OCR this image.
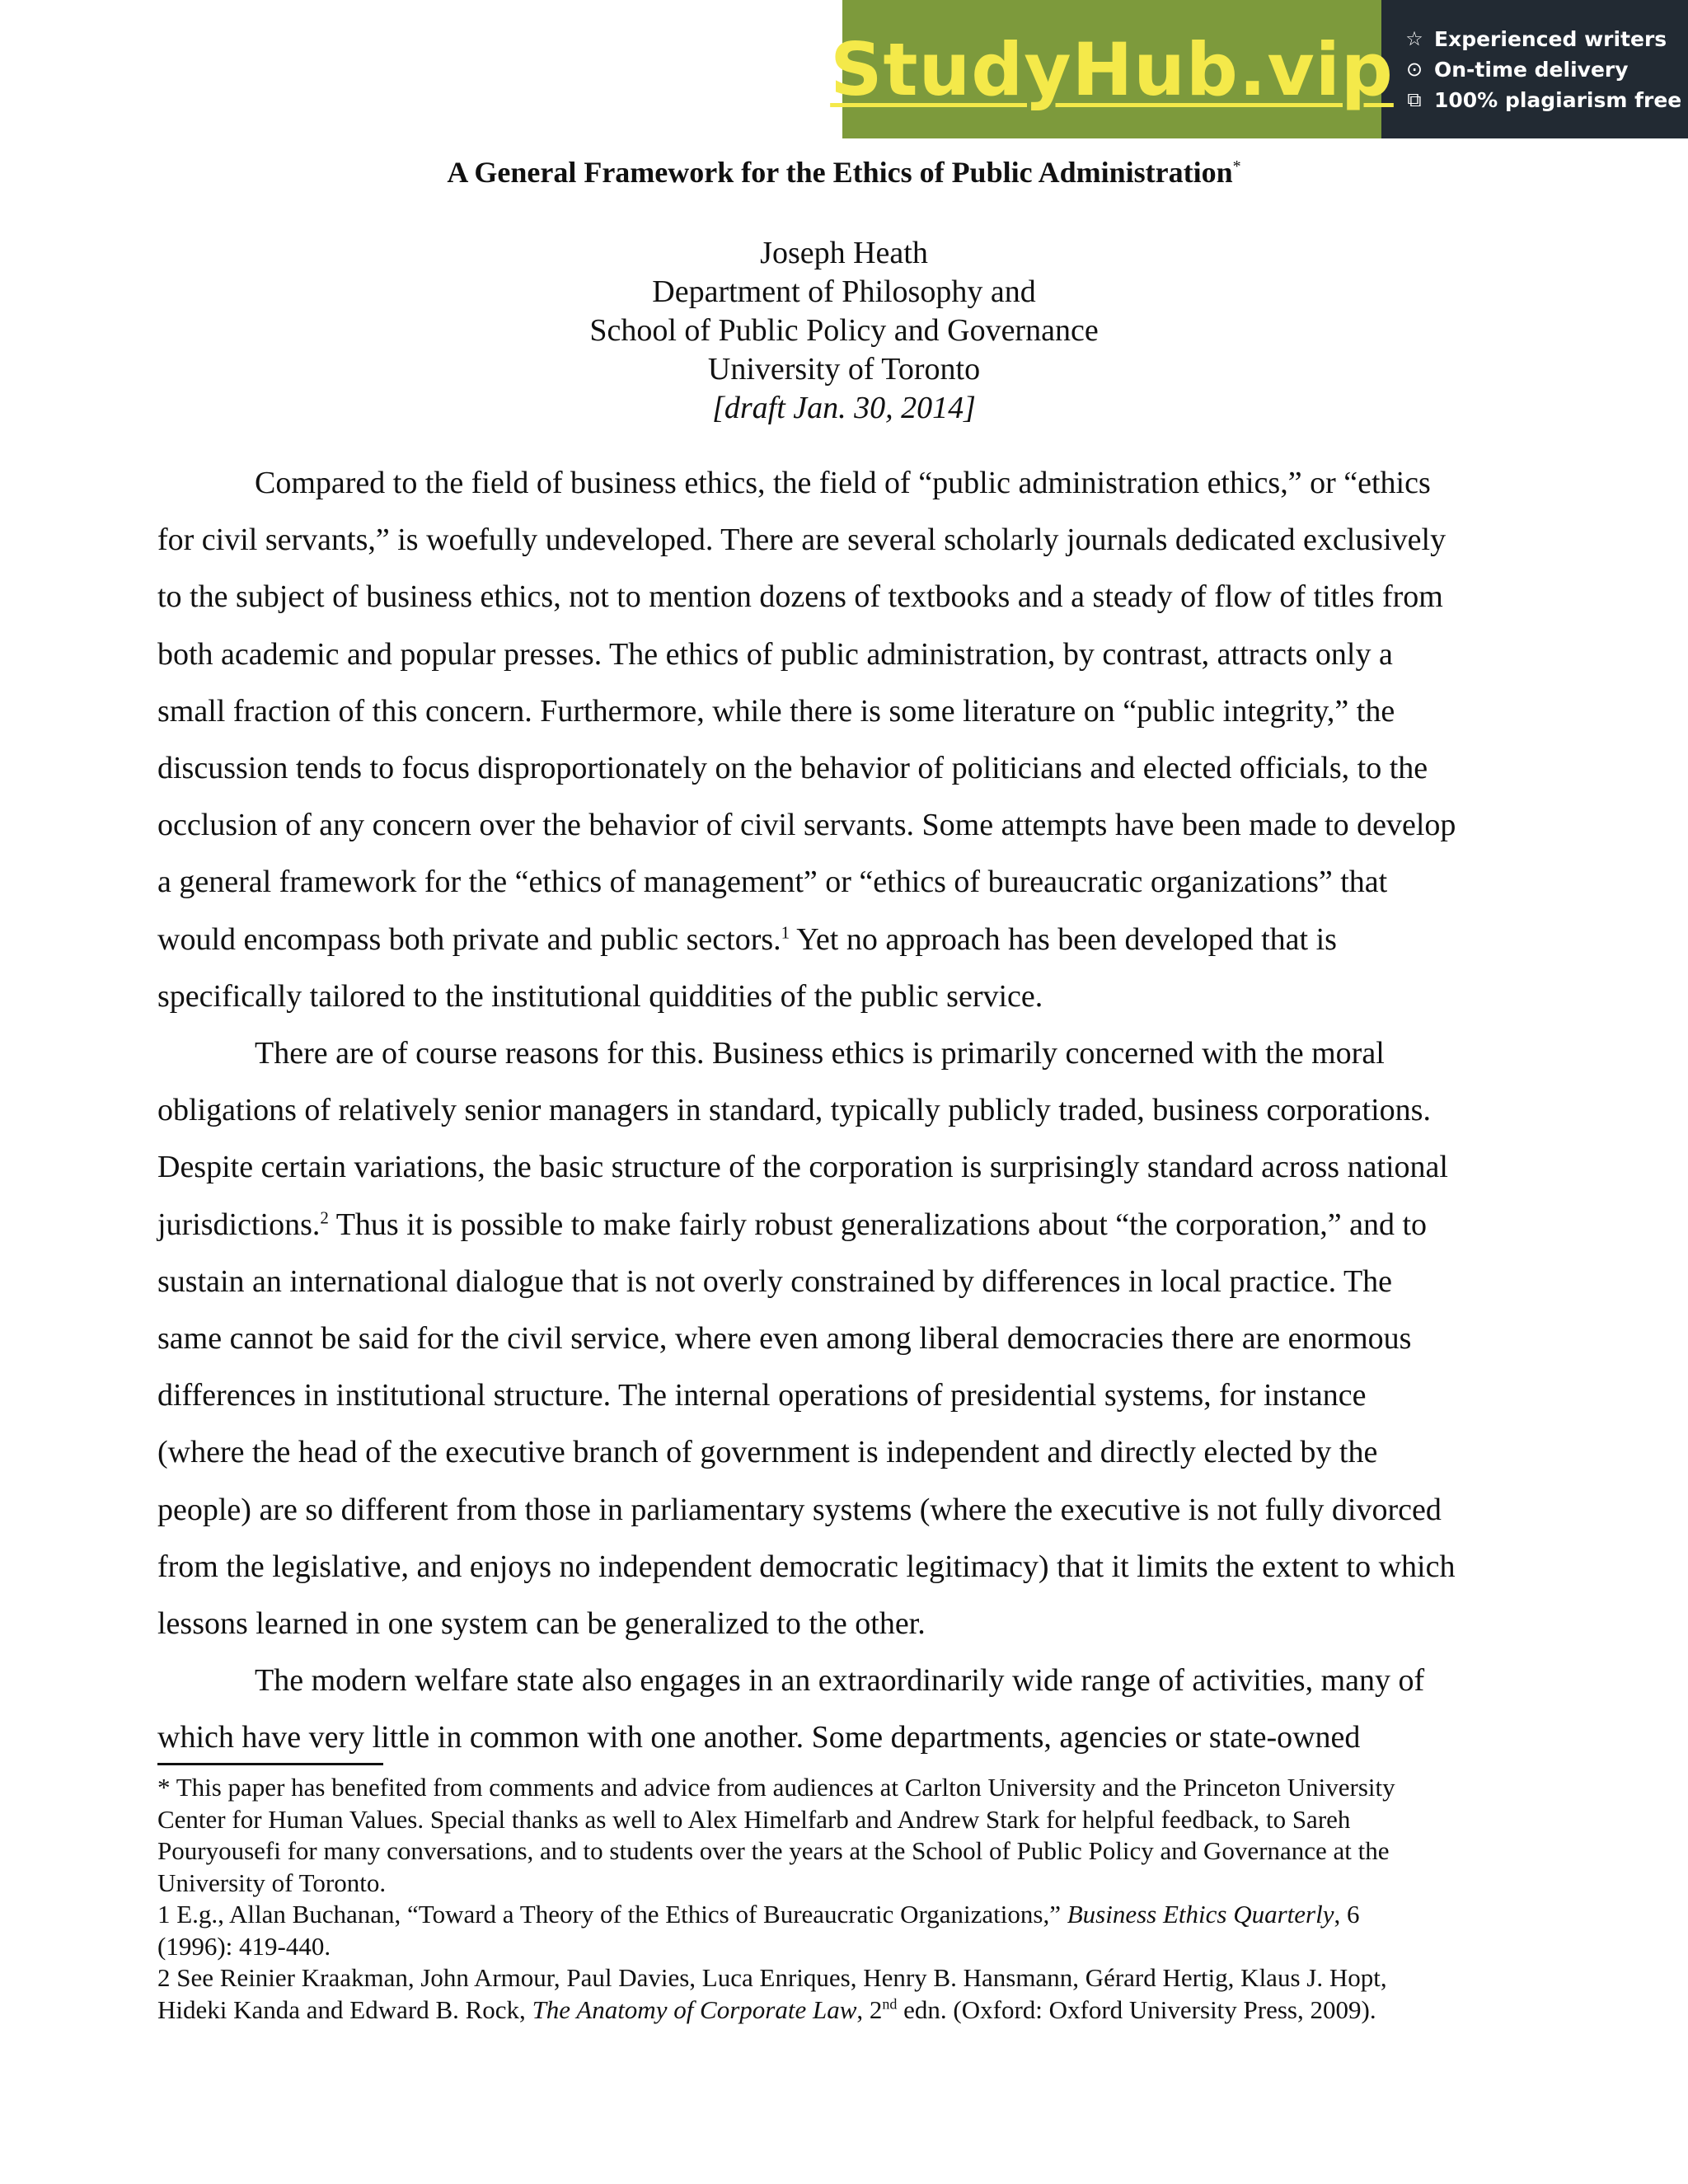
StudyHub.vip ☆ Experienced writers
⊙ On-time delivery
⧉ 100% plagiarism free
A General Framework for the Ethics of Public Administration*
Joseph Heath
Department of Philosophy and
School of Public Policy and Governance
University of Toronto
[draft Jan. 30, 2014]

Compared to the field of business ethics, the field of “public administration ethics,” or “ethics

for civil servants,” is woefully undeveloped. There are several scholarly journals dedicated exclusively
to the subject of business ethics, not to mention dozens of textbooks and a steady of flow of titles from
both academic and popular presses. The ethics of public administration, by contrast, attracts only a
small fraction of this concern. Furthermore, while there is some literature on “public integrity,” the
discussion tends to focus disproportionately on the behavior of politicians and elected officials, to the
occlusion of any concern over the behavior of civil servants. Some attempts have been made to develop
a general framework for the “ethics of management” or “ethics of bureaucratic organizations” that
would encompass both private and public sectors.$^1$ Yet no approach has been developed that is
specifically tailored to the institutional quiddities of the public service.

There are of course reasons for this. Business ethics is primarily concerned with the moral

obligations of relatively senior managers in standard, typically publicly traded, business corporations.
Despite certain variations, the basic structure of the corporation is surprisingly standard across national
jurisdictions.$^2$ Thus it is possible to make fairly robust generalizations about “the corporation,” and to
sustain an international dialogue that is not overly constrained by differences in local practice. The
same cannot be said for the civil service, where even among liberal democracies there are enormous
differences in institutional structure. The internal operations of presidential systems, for instance
(where the head of the executive branch of government is independent and directly elected by the
people) are so different from those in parliamentary systems (where the executive is not fully divorced
from the legislative, and enjoys no independent democratic legitimacy) that it limits the extent to which
lessons learned in one system can be generalized to the other.

The modern welfare state also engages in an extraordinarily wide range of activities, many of

which have very little in common with one another. Some departments, agencies or state-owned
* This paper has benefited from comments and advice from audiences at Carlton University and the Princeton University
Center for Human Values. Special thanks as well to Alex Himelfarb and Andrew Stark for helpful feedback, to Sareh
Pouryousefi for many conversations, and to students over the years at the School of Public Policy and Governance at the
University of Toronto.
1 E.g., Allan Buchanan, “Toward a Theory of the Ethics of Bureaucratic Organizations,” Business Ethics Quarterly, 6
(1996): 419-440.
2 See Reinier Kraakman, John Armour, Paul Davies, Luca Enriques, Henry B. Hansmann, Gérard Hertig, Klaus J. Hopt,
Hideki Kanda and Edward B. Rock, The Anatomy of Corporate Law, 2nd edn. (Oxford: Oxford University Press, 2009).
